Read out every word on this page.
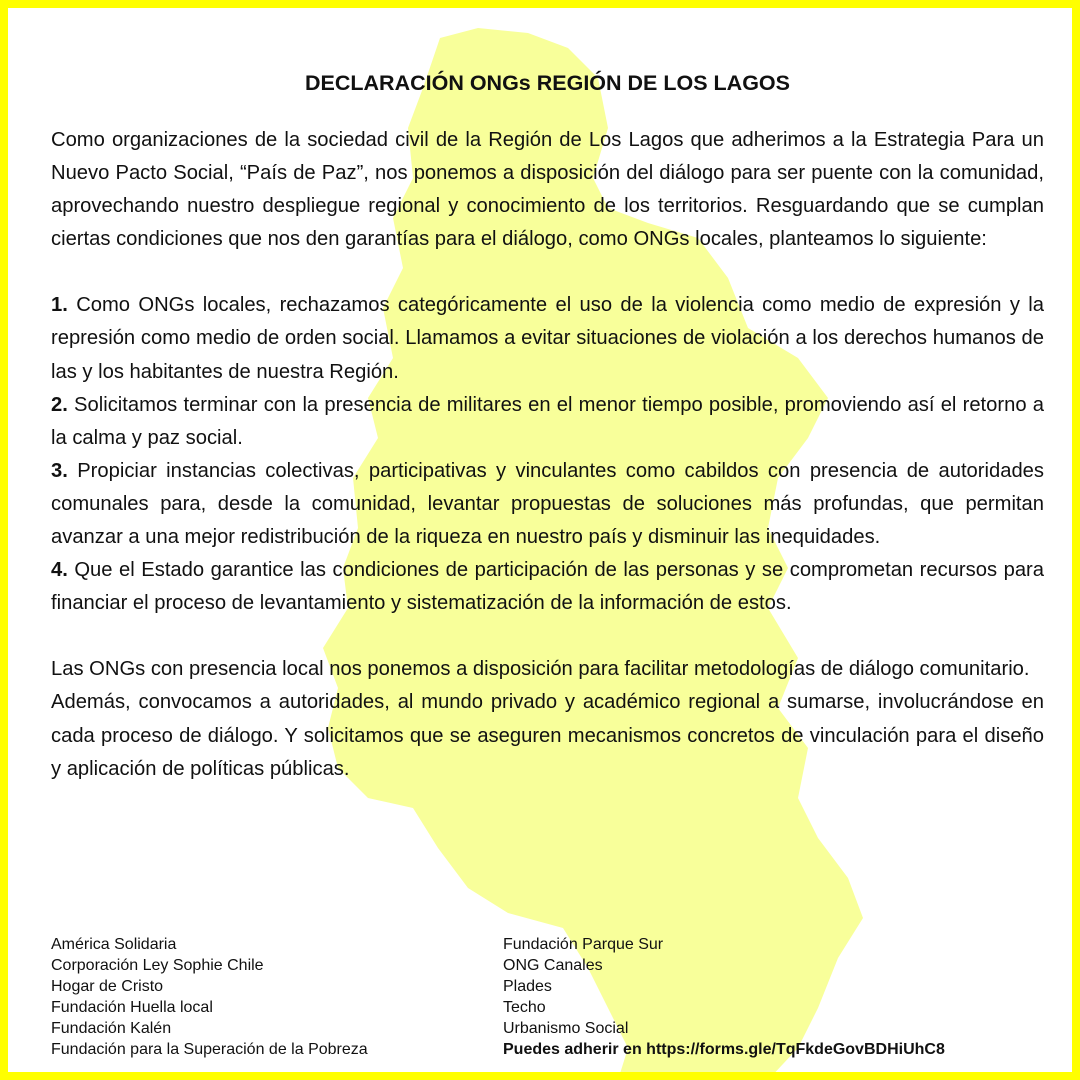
DECLARACIÓN ONGs REGIÓN DE LOS LAGOS

Como organizaciones de la sociedad civil de la Región de Los Lagos que adherimos a la Estrategia Para un Nuevo Pacto Social, “País de Paz”, nos ponemos a disposición del diálogo para ser puente con la comunidad, aprovechando nuestro despliegue regional y conocimiento de los territorios. Resguardando que se cumplan ciertas condiciones que nos den garantías para el diálogo, como ONGs locales, planteamos lo siguiente:

1. Como ONGs locales, rechazamos categóricamente el uso de la violencia como medio de expresión y la represión como medio de orden social. Llamamos a evitar situaciones de violación a los derechos humanos de las y los habitantes de nuestra Región.

2. Solicitamos terminar con la presencia de militares en el menor tiempo posible, promoviendo así el retorno a la calma y paz social.

3. Propiciar instancias colectivas, participativas y vinculantes como cabildos con presencia de autoridades comunales para, desde la comunidad, levantar propuestas de soluciones más profundas, que permitan avanzar a una mejor redistribución de la riqueza en nuestro país y disminuir las inequidades.

4. Que el Estado garantice las condiciones de participación de las personas y se comprometan recursos para financiar el proceso de levantamiento y sistematización de la información de estos.

Las ONGs con presencia local nos ponemos a disposición para facilitar metodologías de diálogo comunitario.

Además, convocamos a autoridades, al mundo privado y académico regional a sumarse, involucrándose en cada proceso de diálogo. Y solicitamos que se aseguren mecanismos concretos de vinculación para el diseño y aplicación de políticas públicas.

América Solidaria
Corporación Ley Sophie Chile
Hogar de Cristo
Fundación Huella local
Fundación Kalén
Fundación para la Superación de la Pobreza
Fundación Parque Sur
ONG Canales
Plades
Techo
Urbanismo Social
Puedes adherir en https://forms.gle/TqFkdeGovBDHiUhC8
